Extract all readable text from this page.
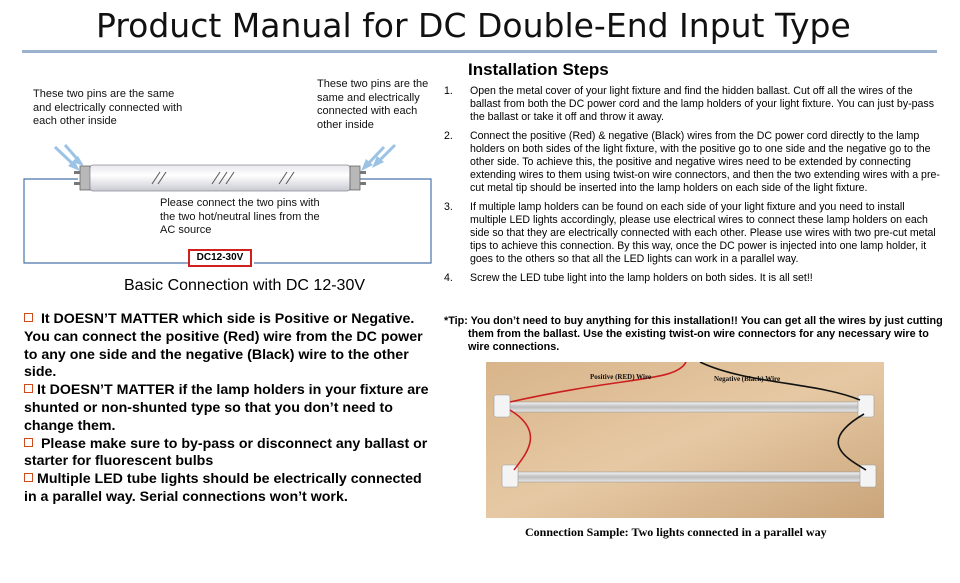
Product Manual for DC Double-End Input Type
These two pins are the same and electrically connected with each other inside
These two pins are the same and electrically connected with each other inside
Please connect the two pins with the two hot/neutral lines from the AC source
DC12-30V
Basic Connection with DC 12-30V

It DOESN’T MATTER which side is Positive or Negative. You can connect the positive (Red) wire from the DC power to any one side and the negative (Black) wire to the other side.

It DOESN’T MATTER if the lamp holders in your fixture are shunted or non-shunted type so that you don’t need to change them.

Please make sure to by-pass or disconnect any ballast or starter for fluorescent bulbs

Multiple LED tube lights should be electrically connected in a parallel way. Serial connections won’t work.

Installation Steps
1.	Open the metal cover of your light fixture and find the hidden ballast. Cut off all the wires of the ballast from both the DC power cord and the lamp holders of your light fixture. You can just by-pass the ballast or take it off and throw it away.
2.	Connect the positive (Red) & negative (Black) wires from the DC power cord directly to the lamp holders on both sides of the light fixture, with the positive go to one side and the negative go to the other side. To achieve this, the positive and negative wires need to be extended by connecting extending wires to them using twist-on wire connectors, and then the two extending wires with a pre-cut metal tip should be inserted into the lamp holders on each side of the light fixture.
3.	If multiple lamp holders can be found on each side of your light fixture and you need to install multiple LED lights accordingly, please use electrical wires to connect these lamp holders on each side so that they are electrically connected with each other. Please use wires with two pre-cut metal tips to achieve this connection. By this way, once the DC power is injected into one lamp holder, it goes to the others so that all the LED lights can work in a parallel way.
4.	Screw the LED tube light into the lamp holders on both sides. It is all set!!
*Tip: You don’t need to buy anything for this installation!! You can get all the wires by just cutting them from the ballast. Use the existing twist-on wire connectors for any necessary wire to wire connections.
Positive (RED) Wire	Negative (Black) Wire
Connection Sample: Two lights connected in a parallel way
